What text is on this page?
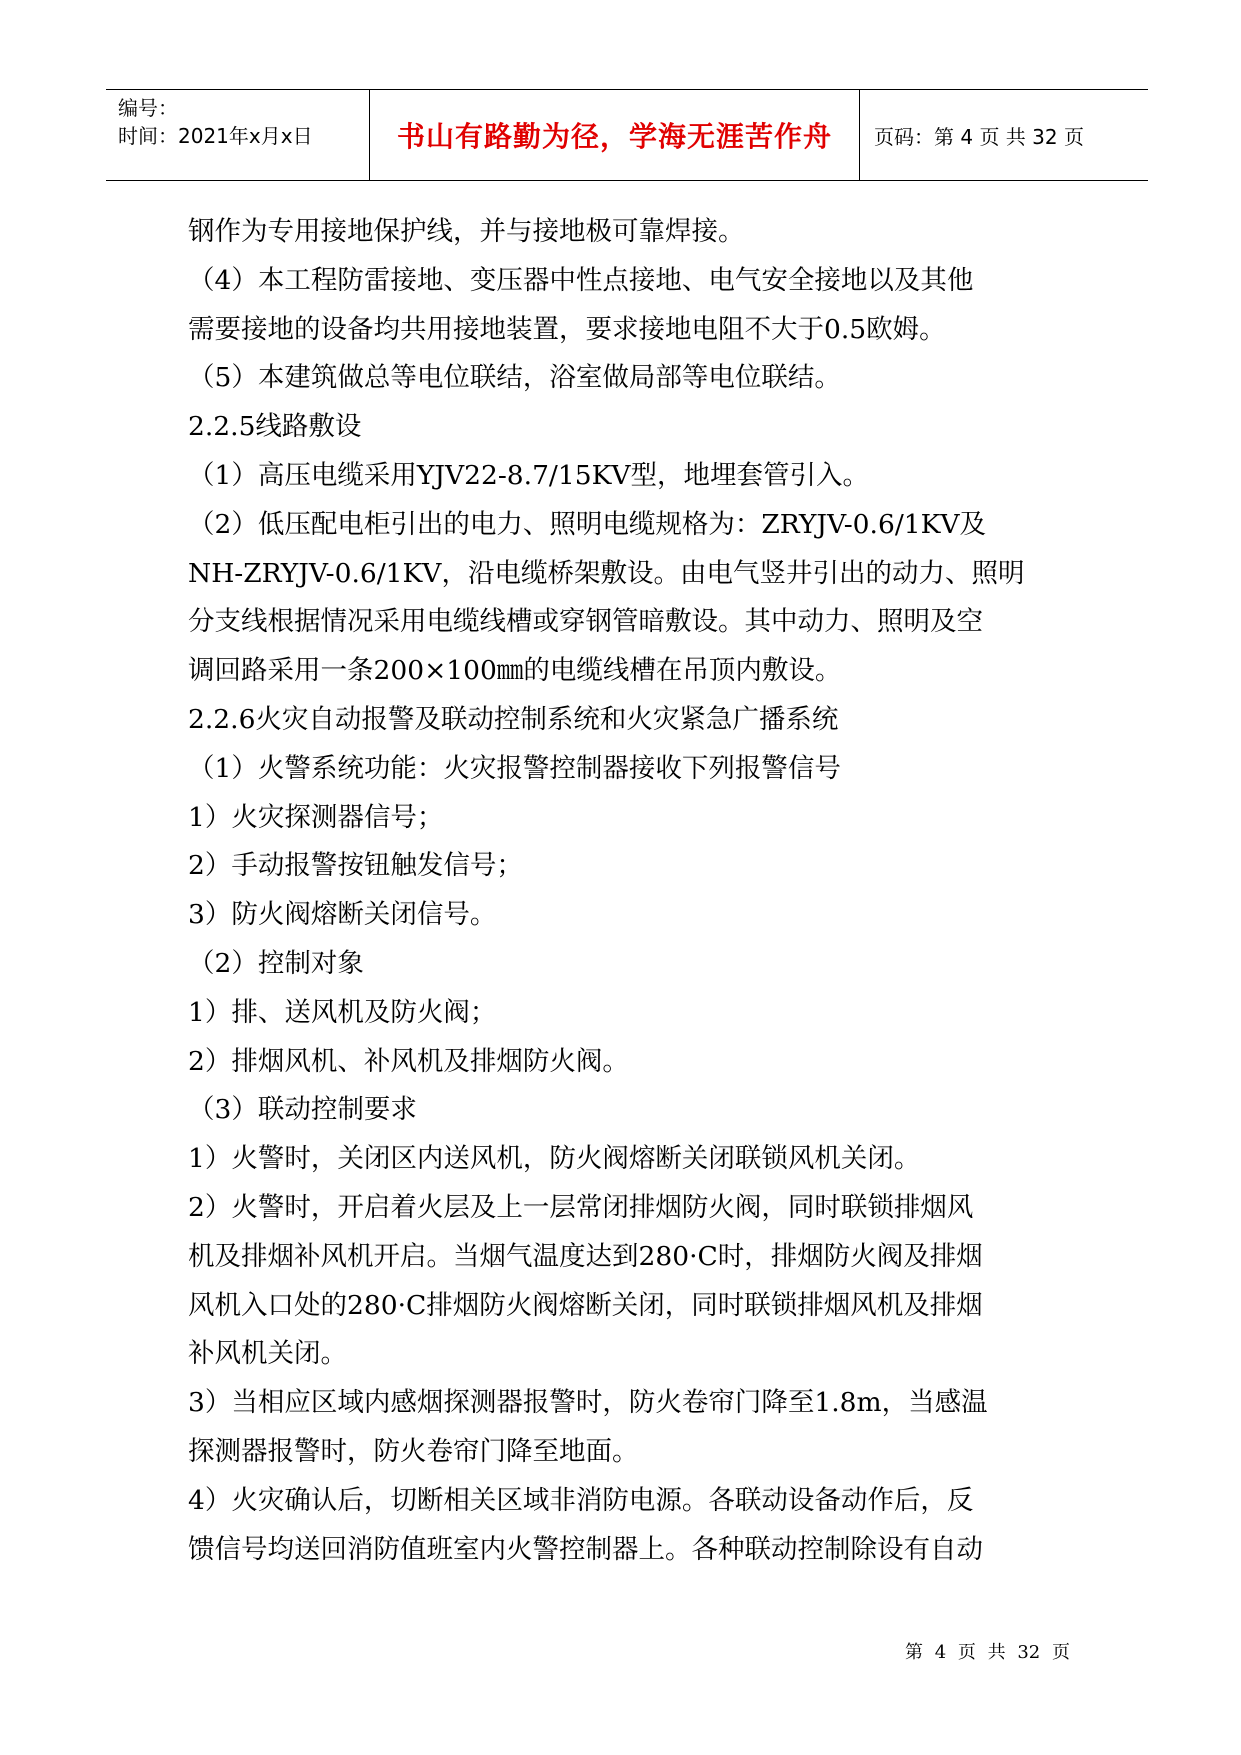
编号：
时间：2021年x月x日	书山有路勤为径，学海无涯苦作舟 页码：第 4 页 共 32 页

钢作为专用接地保护线，并与接地极可靠焊接。

（4）本工程防雷接地、变压器中性点接地、电气安全接地以及其他

需要接地的设备均共用接地装置，要求接地电阻不大于0.5欧姆。

（5）本建筑做总等电位联结，浴室做局部等电位联结。

2.2.5线路敷设

（1）高压电缆采用YJV22-8.7/15KV型，地埋套管引入。

（2）低压配电柜引出的电力、照明电缆规格为：ZRYJV-0.6/1KV及

NH-ZRYJV-0.6/1KV，沿电缆桥架敷设。由电气竖井引出的动力、照明

分支线根据情况采用电缆线槽或穿钢管暗敷设。其中动力、照明及空

调回路采用一条200×100㎜的电缆线槽在吊顶内敷设。

2.2.6火灾自动报警及联动控制系统和火灾紧急广播系统

（1）火警系统功能：火灾报警控制器接收下列报警信号

1）火灾探测器信号；

2）手动报警按钮触发信号；

3）防火阀熔断关闭信号。

（2）控制对象

1）排、送风机及防火阀；

2）排烟风机、补风机及排烟防火阀。

（3）联动控制要求

1）火警时，关闭区内送风机，防火阀熔断关闭联锁风机关闭。

2）火警时，开启着火层及上一层常闭排烟防火阀，同时联锁排烟风

机及排烟补风机开启。当烟气温度达到280·C时，排烟防火阀及排烟

风机入口处的280·C排烟防火阀熔断关闭，同时联锁排烟风机及排烟

补风机关闭。

3）当相应区域内感烟探测器报警时，防火卷帘门降至1.8m，当感温

探测器报警时，防火卷帘门降至地面。

4）火灾确认后，切断相关区域非消防电源。各联动设备动作后，反

馈信号均送回消防值班室内火警控制器上。各种联动控制除设有自动

第 4 页 共 32 页
